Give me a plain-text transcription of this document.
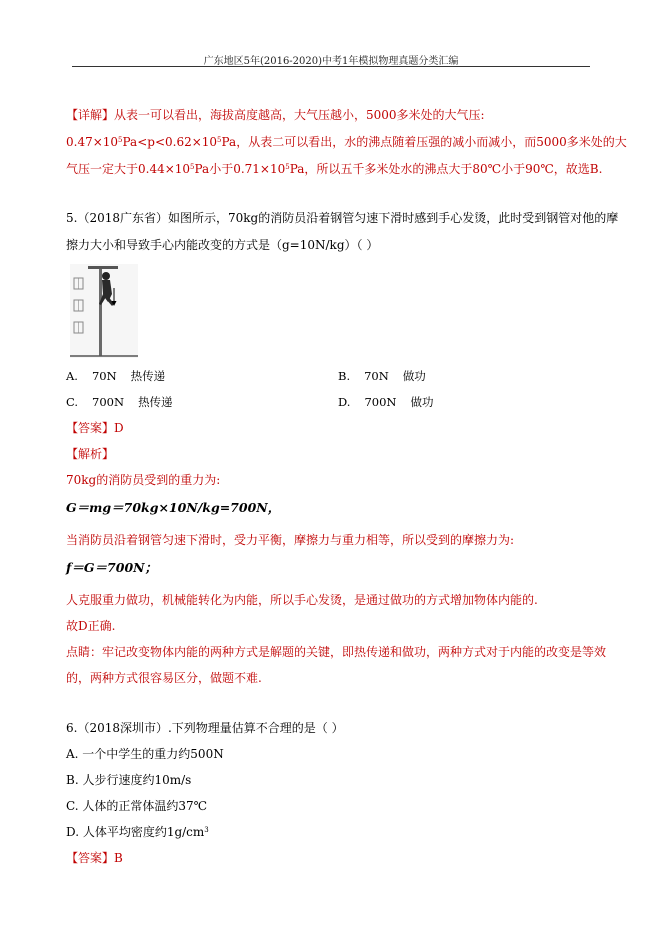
广东地区5年(2016-2020)中考1年模拟物理真题分类汇编
【详解】从表一可以看出，海拔高度越高，大气压越小，5000多米处的大气压:
$0.47\times 10^5Pa<p<0.62\times 10^5Pa$，从表二可以看出，水的沸点随着压强的减小而减小，而5000多米处的大
气压一定大于$0.44\times 10^5Pa$小于$0.71\times 10^5Pa$，所以五千多米处水的沸点大于80℃小于90℃，故选B.
5.（2018广东省）如图所示，70kg的消防员沿着钢管匀速下滑时感到手心发烫，此时受到钢管对他的摩
擦力大小和导致手心内能改变的方式是（g=10N/kg）（ ）
A. 70N 热传递	B. 70N 做功
C. 700N 热传递	D. 700N 做功
【答案】D
【解析】
70kg的消防员受到的重力为:
G＝mg＝70kg×10N/kg=700N，
当消防员沿着钢管匀速下滑时，受力平衡，摩擦力与重力相等，所以受到的摩擦力为:
f＝G＝700N；
人克服重力做功，机械能转化为内能，所以手心发烫，是通过做功的方式增加物体内能的.
故D正确.
点睛：牢记改变物体内能的两种方式是解题的关键，即热传递和做功，两种方式对于内能的改变是等效
的，两种方式很容易区分，做题不难.
6.（2018深圳市）.下列物理量估算不合理的是（ ）
A. 一个中学生的重力约500N
B. 人步行速度约10m/s
C. 人体的正常体温约37℃
D. 人体平均密度约$1g/cm^3$
【答案】B
